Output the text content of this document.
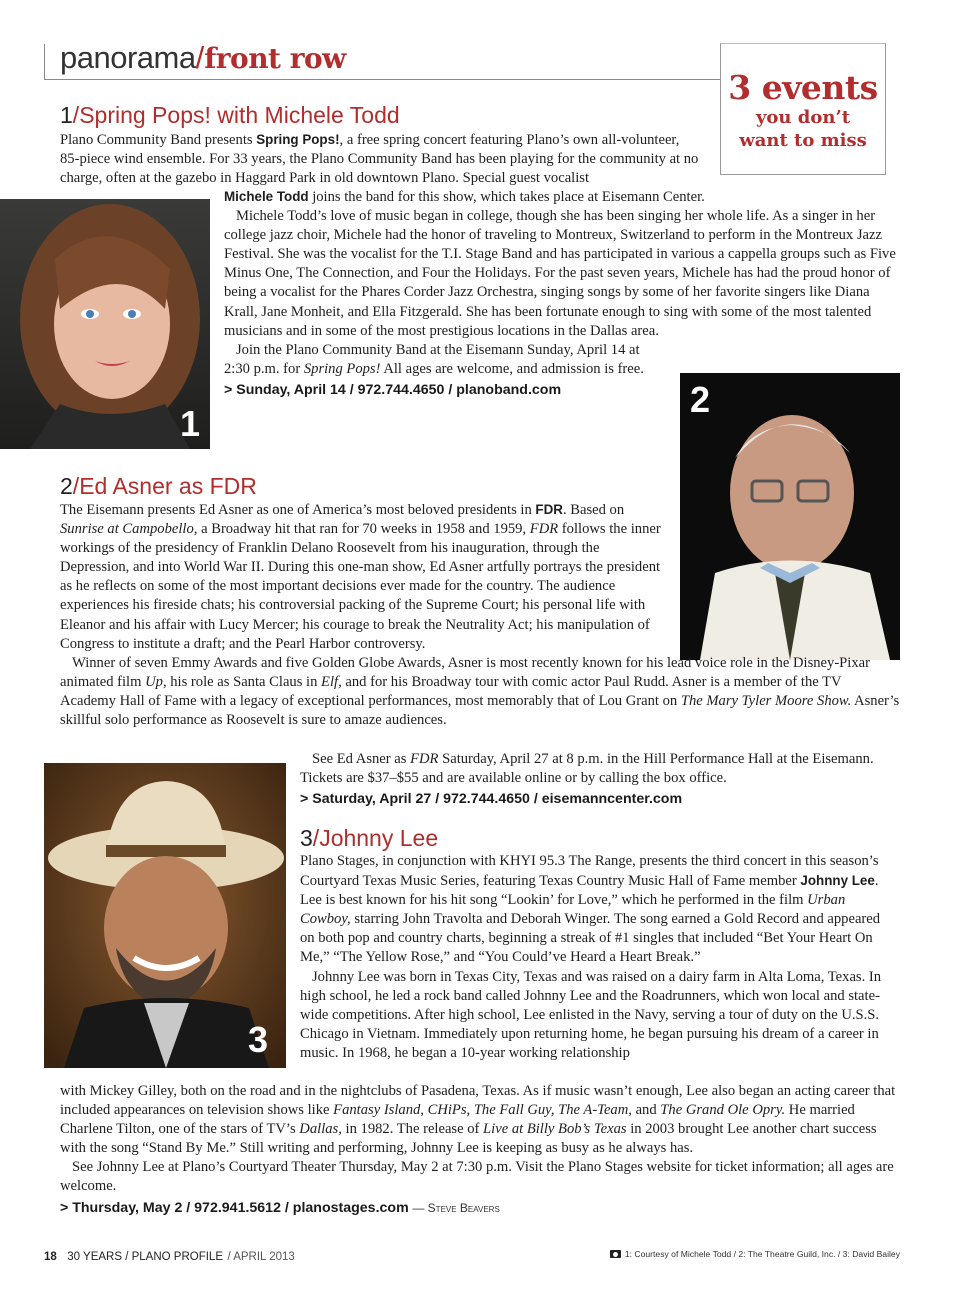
panorama/front row
3 events
you don’t
want to miss
1/Spring Pops! with Michele Todd
1

Plano Community Band presents Spring Pops!, a free spring concert featuring Plano’s own all-volunteer, 85-piece wind ensemble. For 33 years, the Plano Community Band has been playing for the community at no charge, often at the gazebo in Haggard Park in old downtown Plano. Special guest vocalist

Michele Todd joins the band for this show, which takes place at Eisemann Center.

Michele Todd’s love of music began in college, though she has been singing her whole life. As a singer in her college jazz choir, Michele had the honor of traveling to Montreux, Switzerland to perform in the Montreux Jazz Festival. She was the vocalist for the T.I. Stage Band and has participated in various a cappella groups such as Five Minus One, The Connection, and Four the Holidays. For the past seven years, Michele has had the proud honor of being a vocalist for the Phares Corder Jazz Orchestra, singing songs by some of her favorite singers like Diana Krall, Jane Monheit, and Ella Fitzgerald. She has been fortunate enough to sing with some of the most talented musicians and in some of the most prestigious locations in the Dallas area.

Join the Plano Community Band at the Eisemann Sunday, April 14 at 2:30 p.m. for Spring Pops! All ages are welcome, and admission is free.

> Sunday, April 14 / 972.744.4650 / planoband.com	2
2/Ed Asner as FDR

The Eisemann presents Ed Asner as one of America’s most beloved presidents in FDR. Based on Sunrise at Campobello, a Broadway hit that ran for 70 weeks in 1958 and 1959, FDR follows the inner workings of the presidency of Franklin Delano Roosevelt from his inauguration, through the Depression, and into World War II. During this one-man show, Ed Asner artfully portrays the president as he reflects on some of the most important decisions ever made for the country. The audience experiences his fireside chats; his controversial packing of the Supreme Court; his personal life with Eleanor and his affair with Lucy Mercer; his courage to break the Neutrality Act; his manipulation of Congress to institute a draft; and the Pearl Harbor controversy.

Winner of seven Emmy Awards and five Golden Globe Awards, Asner is most recently known for his lead voice role in the Disney-Pixar animated film Up, his role as Santa Claus in Elf, and for his Broadway tour with comic actor Paul Rudd. Asner is a member of the TV Academy Hall of Fame with a legacy of exceptional performances, most memorably that of Lou Grant on The Mary Tyler Moore Show. Asner’s skillful solo performance as Roosevelt is sure to amaze audiences.

3

See Ed Asner as FDR Saturday, April 27 at 8 p.m. in the Hill Performance Hall at the Eisemann. Tickets are $37–$55 and are available online or by calling the box office.

> Saturday, April 27 / 972.744.4650 / eisemanncenter.com
3/Johnny Lee

Plano Stages, in conjunction with KHYI 95.3 The Range, presents the third concert in this season’s Courtyard Texas Music Series, featuring Texas Country Music Hall of Fame member Johnny Lee. Lee is best known for his hit song “Lookin’ for Love,” which he performed in the film Urban Cowboy, starring John Travolta and Deborah Winger. The song earned a Gold Record and appeared on both pop and country charts, beginning a streak of #1 singles that included “Bet Your Heart On Me,” “The Yellow Rose,” and “You Could’ve Heard a Heart Break.”

Johnny Lee was born in Texas City, Texas and was raised on a dairy farm in Alta Loma, Texas. In high school, he led a rock band called Johnny Lee and the Roadrunners, which won local and state-wide competitions. After high school, Lee enlisted in the Navy, serving a tour of duty on the U.S.S. Chicago in Vietnam. Immediately upon returning home, he began pursuing his dream of a career in music. In 1968, he began a 10-year working relationship

with Mickey Gilley, both on the road and in the nightclubs of Pasadena, Texas. As if music wasn’t enough, Lee also began an acting career that included appearances on television shows like Fantasy Island, CHiPs, The Fall Guy, The A-Team, and The Grand Ole Opry. He married Charlene Tilton, one of the stars of TV’s Dallas, in 1982. The release of Live at Billy Bob’s Texas in 2003 brought Lee another chart success with the song “Stand By Me.” Still writing and performing, Johnny Lee is keeping as busy as he always has.

See Johnny Lee at Plano’s Courtyard Theater Thursday, May 2 at 7:30 p.m. Visit the Plano Stages website for ticket information; all ages are welcome.

> Thursday, May 2 / 972.941.5612 / planostages.com — Steve Beavers
18 30 YEARS / PLANO PROFILE / APRIL 2013	1: Courtesy of Michele Todd / 2: The Theatre Guild, Inc. / 3: David Bailey
